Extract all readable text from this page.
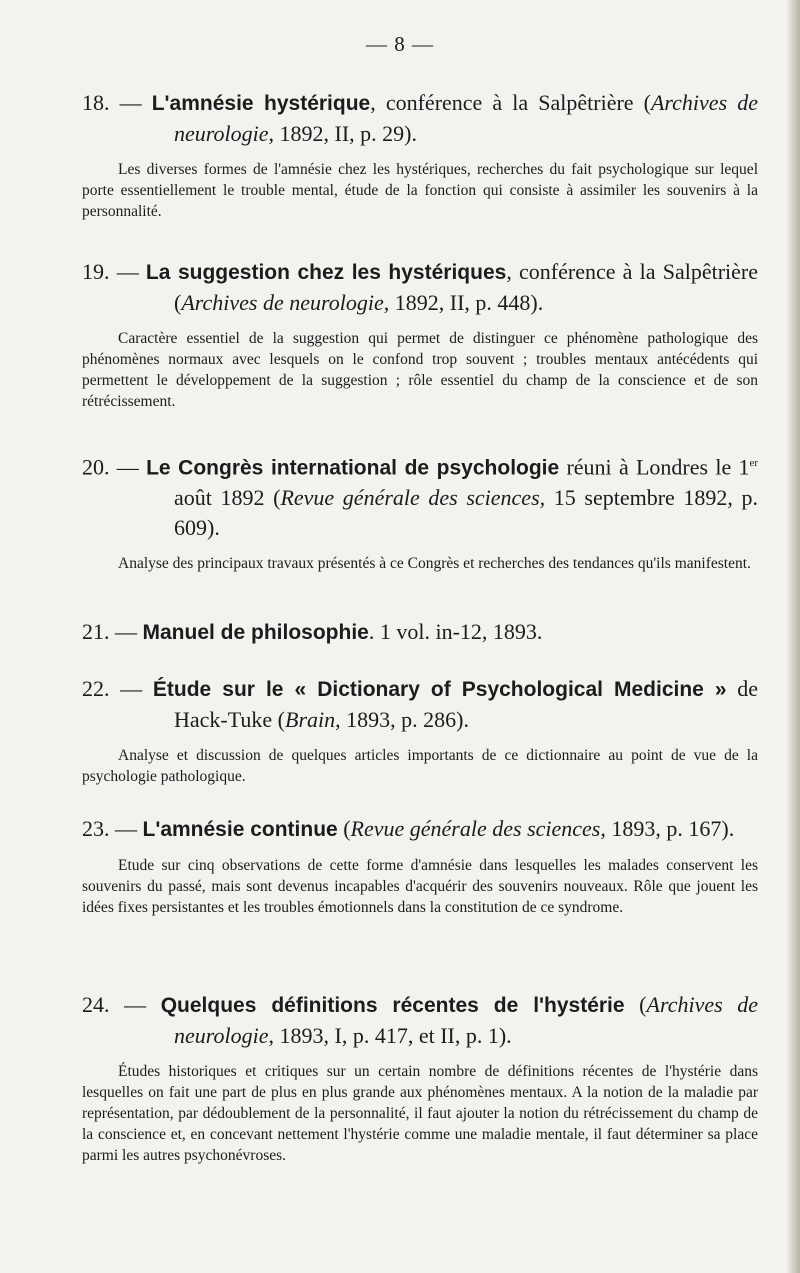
— 8 —
18. — L'amnésie hystérique, conférence à la Salpêtrière (Archives de neurologie, 1892, II, p. 29).
Les diverses formes de l'amnésie chez les hystériques, recherches du fait psychologique sur lequel porte essentiellement le trouble mental, étude de la fonction qui consiste à assimiler les souvenirs à la personnalité.
19. — La suggestion chez les hystériques, conférence à la Salpêtrière (Archives de neurologie, 1892, II, p. 448).
Caractère essentiel de la suggestion qui permet de distinguer ce phénomène pathologique des phénomènes normaux avec lesquels on le confond trop souvent ; troubles mentaux antécédents qui permettent le développement de la suggestion ; rôle essentiel du champ de la conscience et de son rétrécissement.
20. — Le Congrès international de psychologie réuni à Londres le 1er août 1892 (Revue générale des sciences, 15 septembre 1892, p. 609).
Analyse des principaux travaux présentés à ce Congrès et recherches des tendances qu'ils manifestent.
21. — Manuel de philosophie. 1 vol. in-12, 1893.
22. — Étude sur le « Dictionary of Psychological Medicine » de Hack-Tuke (Brain, 1893, p. 286).
Analyse et discussion de quelques articles importants de ce dictionnaire au point de vue de la psychologie pathologique.
23. — L'amnésie continue (Revue générale des sciences, 1893, p. 167).
Etude sur cinq observations de cette forme d'amnésie dans lesquelles les malades conservent les souvenirs du passé, mais sont devenus incapables d'acquérir des souvenirs nouveaux. Rôle que jouent les idées fixes persistantes et les troubles émotionnels dans la constitution de ce syndrome.
24. — Quelques définitions récentes de l'hystérie (Archives de neurologie, 1893, I, p. 417, et II, p. 1).
Études historiques et critiques sur un certain nombre de définitions récentes de l'hystérie dans lesquelles on fait une part de plus en plus grande aux phénomènes mentaux. A la notion de la maladie par représentation, par dédoublement de la personnalité, il faut ajouter la notion du rétrécissement du champ de la conscience et, en concevant nettement l'hystérie comme une maladie mentale, il faut déterminer sa place parmi les autres psychonévroses.
